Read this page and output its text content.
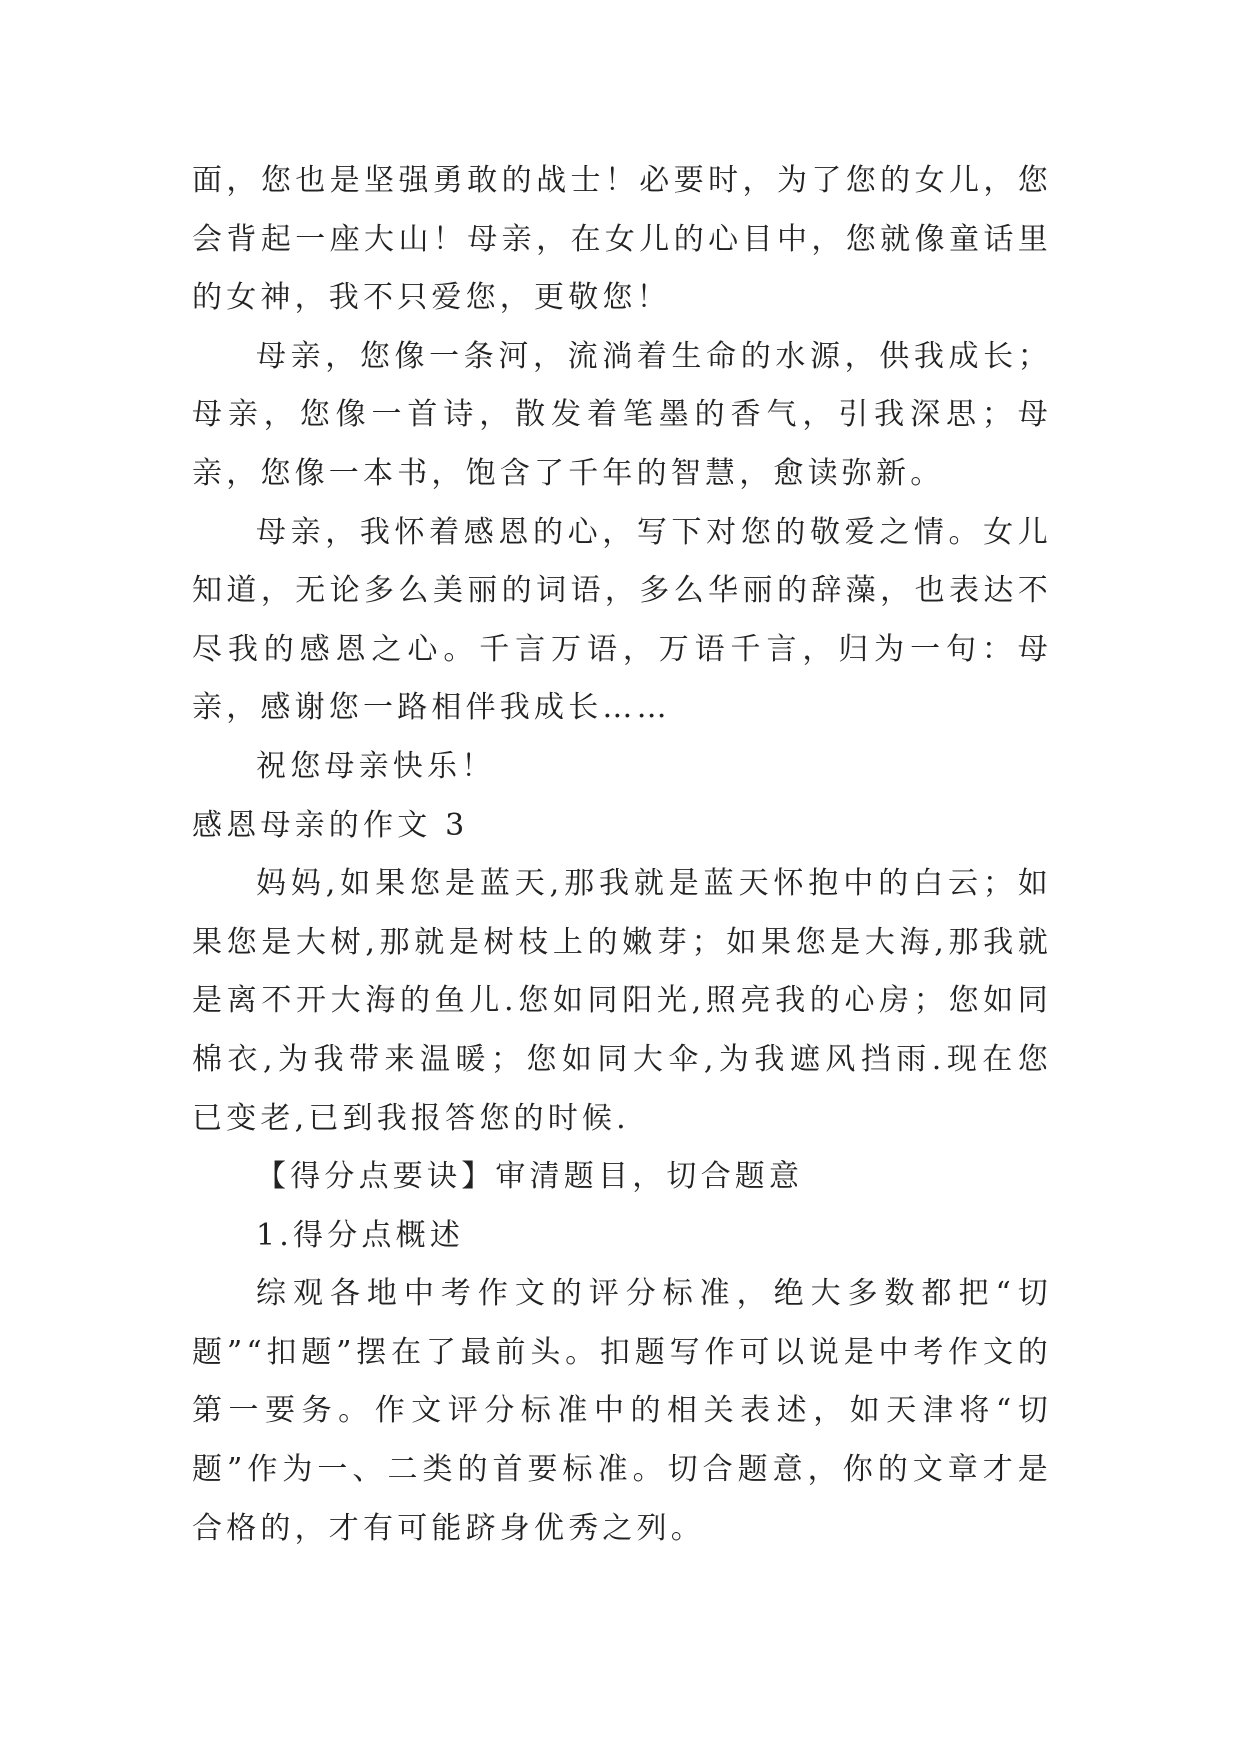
面，您也是坚强勇敢的战士！必要时，为了您的女儿，您会背起一座大山！母亲，在女儿的心目中，您就像童话里的女神，我不只爱您，更敬您！

母亲，您像一条河，流淌着生命的水源，供我成长；母亲，您像一首诗，散发着笔墨的香气，引我深思；母亲，您像一本书，饱含了千年的智慧，愈读弥新。

母亲，我怀着感恩的心，写下对您的敬爱之情。女儿知道，无论多么美丽的词语，多么华丽的辞藻，也表达不尽我的感恩之心。千言万语，万语千言，归为一句：母亲，感谢您一路相伴我成长……

祝您母亲快乐！

感恩母亲的作文 3

妈妈,如果您是蓝天,那我就是蓝天怀抱中的白云；如果您是大树,那就是树枝上的嫩芽；如果您是大海,那我就是离不开大海的鱼儿.您如同阳光,照亮我的心房；您如同棉衣,为我带来温暖；您如同大伞,为我遮风挡雨.现在您已变老,已到我报答您的时候.

【得分点要诀】审清题目，切合题意

1.得分点概述

综观各地中考作文的评分标准，绝大多数都把“切题”“扣题”摆在了最前头。扣题写作可以说是中考作文的第一要务。作文评分标准中的相关表述，如天津将“切题”作为一、二类的首要标准。切合题意，你的文章才是合格的，才有可能跻身优秀之列。
